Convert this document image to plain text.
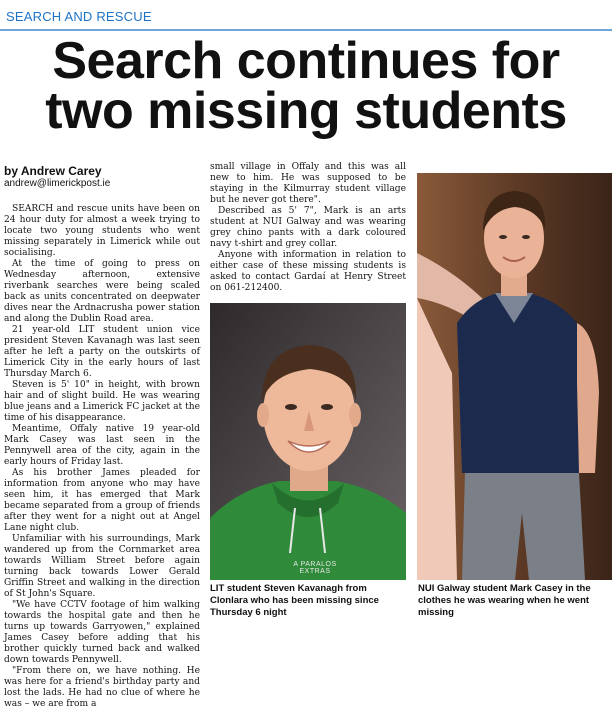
SEARCH AND RESCUE
Search continues for
two missing students
by Andrew Carey
andrew@limerickpost.ie

SEARCH and rescue units have been on 24 hour duty for almost a week trying to locate two young students who went missing separately in Limerick while out socialising.

At the time of going to press on Wednesday afternoon, extensive riverbank searches were being scaled back as units concentrated on deepwater dives near the Ardnacrusha power station and along the Dublin Road area.

21 year-old LIT student union vice president Steven Kavanagh was last seen after he left a party on the outskirts of Limerick City in the early hours of last Thursday March 6.

Steven is 5' 10" in height, with brown hair and of slight build. He was wearing blue jeans and a Limerick FC jacket at the time of his disappearance.

Meantime, Offaly native 19 year-old Mark Casey was last seen in the Pennywell area of the city, again in the early hours of Friday last.

As his brother James pleaded for information from anyone who may have seen him, it has emerged that Mark became separated from a group of friends after they went for a night out at Angel Lane night club.

Unfamiliar with his surroundings, Mark wandered up from the Cornmarket area towards William Street before again turning back towards Lower Gerald Griffin Street and walking in the direction of St John's Square.

"We have CCTV footage of him walking towards the hospital gate and then he turns up towards Garryowen," explained James Casey before adding that his brother quickly turned back and walked down towards Pennywell.

"From there on, we have nothing. He was here for a friend's birthday party and lost the lads. He had no clue of where he was – we are from a

small village in Offaly and this was all new to him. He was supposed to be staying in the Kilmurray student village but he never got there".

Described as 5' 7", Mark is an arts student at NUI Galway and was wearing grey chino pants with a dark coloured navy t-shirt and grey collar.

Anyone with information in relation to either case of these missing students is asked to contact Gardaí at Henry Street on 061-212400.

A PARALOS EXTRAS
LIT student Steven Kavanagh from Clonlara who has been missing since Thursday 6 night
NUI Galway student Mark Casey in the clothes he was wearing when he went missing
